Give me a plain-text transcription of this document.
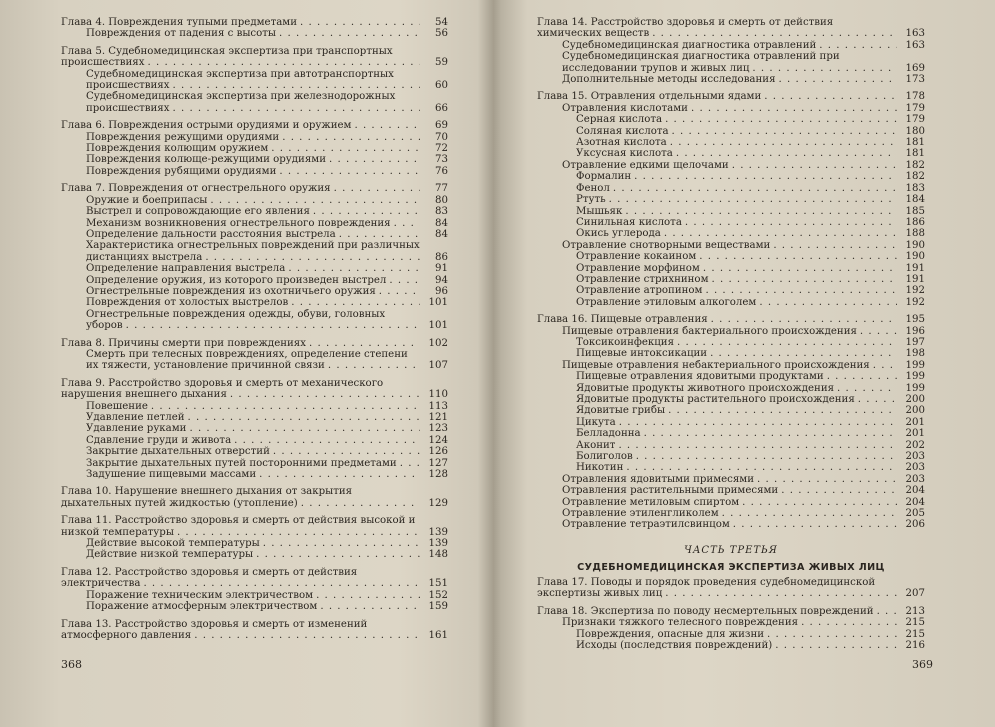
Глава 4. Повреждения тупыми предметами . . .	54
Повреждения от падения с высоты . . .	56
Глава 5. Судебномедицинская экспертиза при транспортных происшествиях . . .	59
Судебномедицинская экспертиза при автотранспортных происшествиях . . .	60
Судебномедицинская экспертиза при железнодорожных происшествиях . . .	66
Глава 6. Повреждения острыми орудиями и оружием . . .	69
Повреждения режущими орудиями . . .	70
Повреждения колющим оружием . . .	72
Повреждения колюще-режущими орудиями . . .	73
Повреждения рубящими орудиями . . .	76
Глава 7. Повреждения от огнестрельного оружия . . .	77
Оружие и боеприпасы . . .	80
Выстрел и сопровождающие его явления . . .	83
Механизм возникновения огнестрельного повреждения . . .	84
Определение дальности расстояния выстрела . . .	84
Характеристика огнестрельных повреждений при различных дистанциях выстрела . . .	86
Определение направления выстрела . . .	91
Определение оружия, из которого произведен выстрел . . .	94
Огнестрельные повреждения из охотничьего оружия . . .	96
Повреждения от холостых выстрелов . . .	101
Огнестрельные повреждения одежды, обуви, головных уборов . . .	101
Глава 8. Причины смерти при повреждениях . . .	102
Смерть при телесных повреждениях, определение степени их тяжести, установление причинной связи . . .	107
Глава 9. Расстройство здоровья и смерть от механического нарушения внешнего дыхания . . .	110
Повешение . . .	113
Удавление петлей . . .	121
Удавление руками . . .	123
Сдавление груди и живота . . .	124
Закрытие дыхательных отверстий . . .	126
Закрытие дыхательных путей посторонними предметами . . .	127
Задушение пищевыми массами . . .	128
Глава 10. Нарушение внешнего дыхания от закрытия дыхательных путей жидкостью (утопление) . . .	129
Глава 11. Расстройство здоровья и смерть от действия высокой и низкой температуры . . .	139
Действие высокой температуры . . .	139
Действие низкой температуры . . .	148
Глава 12. Расстройство здоровья и смерть от действия электричества . . .	151
Поражение техническим электричеством . . .	152
Поражение атмосферным электричеством . . .	159
Глава 13. Расстройство здоровья и смерть от изменений атмосферного давления . . .	161
368
Глава 14. Расстройство здоровья и смерть от действия химических веществ . . .	163
Судебномедицинская диагностика отравлений . . .	163
Судебномедицинская диагностика отравлений при исследовании трупов и живых лиц . . .	169
Дополнительные методы исследования . . .	173
Глава 15. Отравления отдельными ядами . . .	178
Отравления кислотами . . .	179
Серная кислота . . .	179
Соляная кислота . . .	180
Азотная кислота . . .	181
Уксусная кислота . . .	181
Отравление едкими щелочами . . .	182
Формалин . . .	182
Фенол . . .	183
Ртуть . . .	184
Мышьяк . . .	185
Синильная кислота . . .	186
Окись углерода . . .	188
Отравление снотворными веществами . . .	190
Отравление кокаином . . .	190
Отравление морфином . . .	191
Отравление стрихнином . . .	191
Отравление атропином . . .	192
Отравление этиловым алкоголем . . .	192
Глава 16. Пищевые отравления . . .	195
Пищевые отравления бактериального происхождения . . .	196
Токсикоинфекция . . .	197
Пищевые интоксикации . . .	198
Пищевые отравления небактериального происхождения . . .	199
Пищевые отравления ядовитыми продуктами . . .	199
Ядовитые продукты животного происхождения . . .	199
Ядовитые продукты растительного происхождения . . .	200
Ядовитые грибы . . .	200
Цикута . . .	201
Белладонна . . .	201
Аконит . . .	202
Болиголов . . .	203
Никотин . . .	203
Отравления ядовитыми примесями . . .	203
Отравления растительными примесями . . .	204
Отравление метиловым спиртом . . .	204
Отравление этиленгликолем . . .	205
Отравление тетраэтилсвинцом . . .	206
ЧАСТЬ ТРЕТЬЯ
СУДЕБНОМЕДИЦИНСКАЯ ЭКСПЕРТИЗА ЖИВЫХ ЛИЦ
Глава 17. Поводы и порядок проведения судебномедицинской экспертизы живых лиц . . .	207
Глава 18. Экспертиза по поводу несмертельных повреждений . . .	213
Признаки тяжкого телесного повреждения . . .	215
Повреждения, опасные для жизни . . .	215
Исходы (последствия повреждений) . . .	216
369
